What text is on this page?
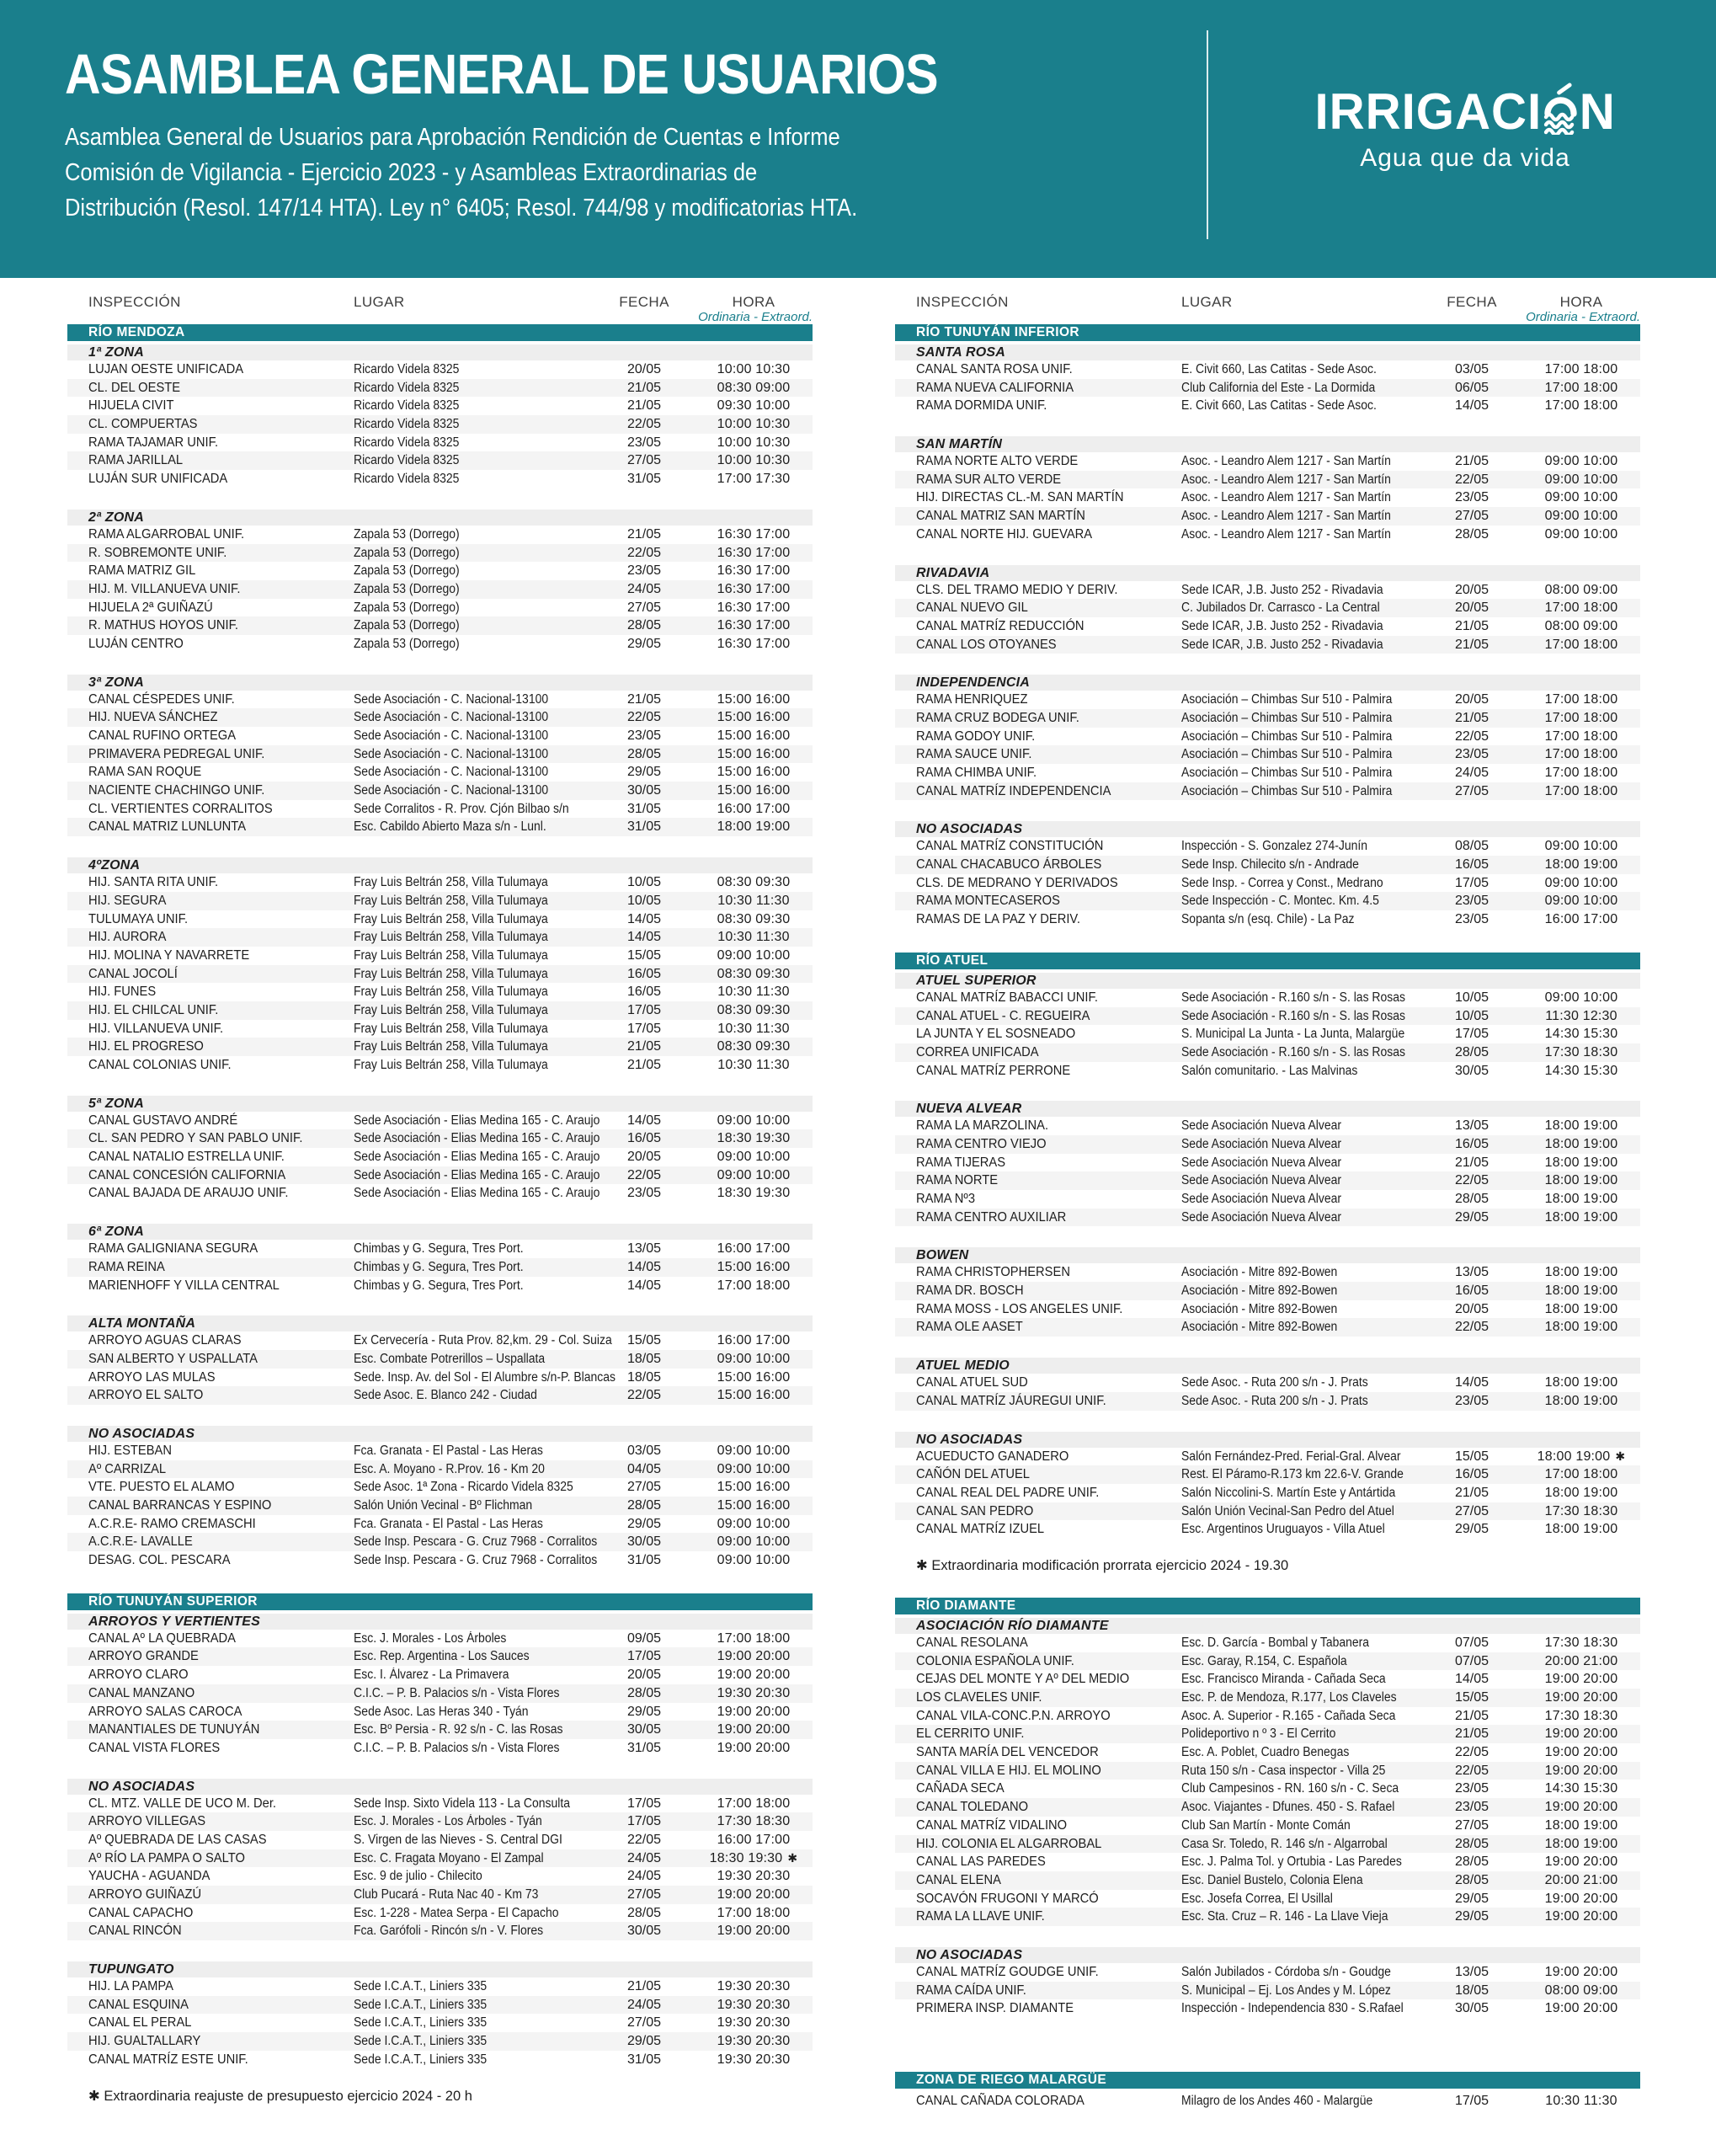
ASAMBLEA GENERAL DE USUARIOS
Asamblea General de Usuarios para Aprobación Rendición de Cuentas e Informe
Comisión de Vigilancia - Ejercicio 2023 - y Asambleas Extraordinarias de
Distribución (Resol. 147/14 HTA). Ley n° 6405; Resol. 744/98 y modificatorias HTA.
IRRIGACI N
Agua que da vida
INSPECCIÓN	LUGAR	FECHA	HORA
Ordinaria - Extraord.
RÍO MENDOZA
1ª ZONA
LUJAN OESTE UNIFICADA	Ricardo Videla 8325	20/05	10:00 10:30
CL. DEL OESTE	Ricardo Videla 8325	21/05	08:30 09:00
HIJUELA CIVIT	Ricardo Videla 8325	21/05	09:30 10:00
CL. COMPUERTAS	Ricardo Videla 8325	22/05	10:00 10:30
RAMA TAJAMAR UNIF.	Ricardo Videla 8325	23/05	10:00 10:30
RAMA JARILLAL	Ricardo Videla 8325	27/05	10:00 10:30
LUJÁN SUR UNIFICADA	Ricardo Videla 8325	31/05	17:00 17:30
2ª ZONA
RAMA ALGARROBAL UNIF.	Zapala 53 (Dorrego)	21/05	16:30 17:00
R. SOBREMONTE UNIF.	Zapala 53 (Dorrego)	22/05	16:30 17:00
RAMA MATRIZ GIL	Zapala 53 (Dorrego)	23/05	16:30 17:00
HIJ. M. VILLANUEVA UNIF.	Zapala 53 (Dorrego)	24/05	16:30 17:00
HIJUELA 2ª GUIÑAZÚ	Zapala 53 (Dorrego)	27/05	16:30 17:00
R. MATHUS HOYOS UNIF.	Zapala 53 (Dorrego)	28/05	16:30 17:00
LUJÁN CENTRO	Zapala 53 (Dorrego)	29/05	16:30 17:00
3ª ZONA
CANAL CÉSPEDES UNIF.	Sede Asociación - C. Nacional-13100	21/05	15:00 16:00
HIJ. NUEVA SÁNCHEZ	Sede Asociación - C. Nacional-13100	22/05	15:00 16:00
CANAL RUFINO ORTEGA	Sede Asociación - C. Nacional-13100	23/05	15:00 16:00
PRIMAVERA PEDREGAL UNIF.	Sede Asociación - C. Nacional-13100	28/05	15:00 16:00
RAMA SAN ROQUE	Sede Asociación - C. Nacional-13100	29/05	15:00 16:00
NACIENTE CHACHINGO UNIF.	Sede Asociación - C. Nacional-13100	30/05	15:00 16:00
CL. VERTIENTES CORRALITOS	Sede Corralitos - R. Prov. Cjón Bilbao s/n	31/05	16:00 17:00
CANAL MATRIZ LUNLUNTA	Esc. Cabildo Abierto Maza s/n - Lunl.	31/05	18:00 19:00
4ºZONA
HIJ. SANTA RITA UNIF.	Fray Luis Beltrán 258, Villa Tulumaya	10/05	08:30 09:30
HIJ. SEGURA	Fray Luis Beltrán 258, Villa Tulumaya	10/05	10:30 11:30
TULUMAYA UNIF.	Fray Luis Beltrán 258, Villa Tulumaya	14/05	08:30 09:30
HIJ. AURORA	Fray Luis Beltrán 258, Villa Tulumaya	14/05	10:30 11:30
HIJ. MOLINA Y NAVARRETE	Fray Luis Beltrán 258, Villa Tulumaya	15/05	09:00 10:00
CANAL JOCOLÍ	Fray Luis Beltrán 258, Villa Tulumaya	16/05	08:30 09:30
HIJ. FUNES	Fray Luis Beltrán 258, Villa Tulumaya	16/05	10:30 11:30
HIJ. EL CHILCAL UNIF.	Fray Luis Beltrán 258, Villa Tulumaya	17/05	08:30 09:30
HIJ. VILLANUEVA UNIF.	Fray Luis Beltrán 258, Villa Tulumaya	17/05	10:30 11:30
HIJ. EL PROGRESO	Fray Luis Beltrán 258, Villa Tulumaya	21/05	08:30 09:30
CANAL COLONIAS UNIF.	Fray Luis Beltrán 258, Villa Tulumaya	21/05	10:30 11:30
5ª ZONA
CANAL GUSTAVO ANDRÉ	Sede Asociación - Elias Medina 165 - C. Araujo	14/05	09:00 10:00
CL. SAN PEDRO Y SAN PABLO UNIF.	Sede Asociación - Elias Medina 165 - C. Araujo	16/05	18:30 19:30
CANAL NATALIO ESTRELLA UNIF.	Sede Asociación - Elias Medina 165 - C. Araujo	20/05	09:00 10:00
CANAL CONCESIÓN CALIFORNIA	Sede Asociación - Elias Medina 165 - C. Araujo	22/05	09:00 10:00
CANAL BAJADA DE ARAUJO UNIF.	Sede Asociación - Elias Medina 165 - C. Araujo	23/05	18:30 19:30
6ª ZONA
RAMA GALIGNIANA SEGURA	Chimbas y G. Segura, Tres Port.	13/05	16:00 17:00
RAMA REINA	Chimbas y G. Segura, Tres Port.	14/05	15:00 16:00
MARIENHOFF Y VILLA CENTRAL	Chimbas y G. Segura, Tres Port.	14/05	17:00 18:00
ALTA MONTAÑA
ARROYO AGUAS CLARAS	Ex Cervecería - Ruta Prov. 82,km. 29 - Col. Suiza	15/05	16:00 17:00
SAN ALBERTO Y USPALLATA	Esc. Combate Potrerillos – Uspallata	18/05	09:00 10:00
ARROYO LAS MULAS	Sede. Insp. Av. del Sol - El Alumbre s/n-P. Blancas 18/05	15:00 16:00
ARROYO EL SALTO	Sede Asoc. E. Blanco 242 - Ciudad	22/05	15:00 16:00
NO ASOCIADAS
HIJ. ESTEBAN	Fca. Granata - El Pastal - Las Heras	03/05	09:00 10:00
Aº CARRIZAL	Esc. A. Moyano - R.Prov. 16 - Km 20	04/05	09:00 10:00
VTE. PUESTO EL ALAMO	Sede Asoc. 1ª Zona - Ricardo Videla 8325	27/05	15:00 16:00
CANAL BARRANCAS Y ESPINO	Salón Unión Vecinal - Bº Flichman	28/05	15:00 16:00
A.C.R.E- RAMO CREMASCHI	Fca. Granata - El Pastal - Las Heras	29/05	09:00 10:00
A.C.R.E- LAVALLE	Sede Insp. Pescara - G. Cruz 7968 - Corralitos	30/05	09:00 10:00
DESAG. COL. PESCARA	Sede Insp. Pescara - G. Cruz 7968 - Corralitos	31/05	09:00 10:00
RÍO TUNUYÁN SUPERIOR
ARROYOS Y VERTIENTES
CANAL Aº LA QUEBRADA	Esc. J. Morales - Los Árboles	09/05	17:00 18:00
ARROYO GRANDE	Esc. Rep. Argentina - Los Sauces	17/05	19:00 20:00
ARROYO CLARO	Esc. I. Álvarez - La Primavera	20/05	19:00 20:00
CANAL MANZANO	C.I.C. – P. B. Palacios s/n - Vista Flores	28/05	19:30 20:30
ARROYO SALAS CAROCA	Sede Asoc. Las Heras 340 - Tyán	29/05	19:00 20:00
MANANTIALES DE TUNUYÁN	Esc. Bº Persia - R. 92 s/n - C. las Rosas	30/05	19:00 20:00
CANAL VISTA FLORES	C.I.C. – P. B. Palacios s/n - Vista Flores	31/05	19:00 20:00
NO ASOCIADAS
CL. MTZ. VALLE DE UCO M. Der.	Sede Insp. Sixto Videla 113 - La Consulta	17/05	17:00 18:00
ARROYO VILLEGAS	Esc. J. Morales - Los Árboles - Tyán	17/05	17:30 18:30
Aº QUEBRADA DE LAS CASAS	S. Virgen de las Nieves - S. Central DGI	22/05	16:00 17:00
Aº RÍO LA PAMPA O SALTO	Esc. C. Fragata Moyano - El Zampal	24/05	18:30 19:30 ✱
YAUCHA - AGUANDA	Esc. 9 de julio - Chilecito	24/05	19:30 20:30
ARROYO GUIÑAZÚ	Club Pucará - Ruta Nac 40 - Km 73	27/05	19:00 20:00
CANAL CAPACHO	Esc. 1-228 - Matea Serpa - El Capacho	28/05	17:00 18:00
CANAL RINCÓN	Fca. Garófoli - Rincón s/n - V. Flores	30/05	19:00 20:00
TUPUNGATO
HIJ. LA PAMPA	Sede I.C.A.T., Liniers 335	21/05	19:30 20:30
CANAL ESQUINA	Sede I.C.A.T., Liniers 335	24/05	19:30 20:30
CANAL EL PERAL	Sede I.C.A.T., Liniers 335	27/05	19:30 20:30
HIJ. GUALTALLARY	Sede I.C.A.T., Liniers 335	29/05	19:30 20:30
CANAL MATRÍZ ESTE UNIF.	Sede I.C.A.T., Liniers 335	31/05	19:30 20:30
✱ Extraordinaria reajuste de presupuesto ejercicio 2024 - 20 h
INSPECCIÓN	LUGAR	FECHA	HORA
Ordinaria - Extraord.
RÍO TUNUYÁN INFERIOR
SANTA ROSA
CANAL SANTA ROSA UNIF.	E. Civit 660, Las Catitas - Sede Asoc.	03/05	17:00 18:00
RAMA NUEVA CALIFORNIA	Club California del Este - La Dormida	06/05	17:00 18:00
RAMA DORMIDA UNIF.	E. Civit 660, Las Catitas - Sede Asoc.	14/05	17:00 18:00
SAN MARTÍN
RAMA NORTE ALTO VERDE	Asoc. - Leandro Alem 1217 - San Martín	21/05	09:00 10:00
RAMA SUR ALTO VERDE	Asoc. - Leandro Alem 1217 - San Martín	22/05	09:00 10:00
HIJ. DIRECTAS CL.-M. SAN MARTÍN	Asoc. - Leandro Alem 1217 - San Martín	23/05	09:00 10:00
CANAL MATRIZ SAN MARTÍN	Asoc. - Leandro Alem 1217 - San Martín	27/05	09:00 10:00
CANAL NORTE HIJ. GUEVARA	Asoc. - Leandro Alem 1217 - San Martín	28/05	09:00 10:00
RIVADAVIA
CLS. DEL TRAMO MEDIO Y DERIV.	Sede ICAR, J.B. Justo 252 - Rivadavia	20/05	08:00 09:00
CANAL NUEVO GIL	C. Jubilados Dr. Carrasco - La Central	20/05	17:00 18:00
CANAL MATRÍZ REDUCCIÓN	Sede ICAR, J.B. Justo 252 - Rivadavia	21/05	08:00 09:00
CANAL LOS OTOYANES	Sede ICAR, J.B. Justo 252 - Rivadavia	21/05	17:00 18:00
INDEPENDENCIA
RAMA HENRIQUEZ	Asociación – Chimbas Sur 510 - Palmira	20/05	17:00 18:00
RAMA CRUZ BODEGA UNIF.	Asociación – Chimbas Sur 510 - Palmira	21/05	17:00 18:00
RAMA GODOY UNIF.	Asociación – Chimbas Sur 510 - Palmira	22/05	17:00 18:00
RAMA SAUCE UNIF.	Asociación – Chimbas Sur 510 - Palmira	23/05	17:00 18:00
RAMA CHIMBA UNIF.	Asociación – Chimbas Sur 510 - Palmira	24/05	17:00 18:00
CANAL MATRÍZ INDEPENDENCIA	Asociación – Chimbas Sur 510 - Palmira	27/05	17:00 18:00
NO ASOCIADAS
CANAL MATRÍZ CONSTITUCIÓN	Inspección - S. Gonzalez 274-Junín	08/05	09:00 10:00
CANAL CHACABUCO ÁRBOLES	Sede Insp. Chilecito s/n - Andrade	16/05	18:00 19:00
CLS. DE MEDRANO Y DERIVADOS	Sede Insp. - Correa y Const., Medrano	17/05	09:00 10:00
RAMA MONTECASEROS	Sede Inspección - C. Montec. Km. 4.5	23/05	09:00 10:00
RAMAS DE LA PAZ Y DERIV.	Sopanta s/n (esq. Chile) - La Paz	23/05	16:00 17:00
RÍO ATUEL
ATUEL SUPERIOR
CANAL MATRÍZ BABACCI UNIF.	Sede Asociación - R.160 s/n - S. las Rosas	10/05	09:00 10:00
CANAL ATUEL - C. REGUEIRA	Sede Asociación - R.160 s/n - S. las Rosas	10/05	11:30 12:30
LA JUNTA Y EL SOSNEADO	S. Municipal La Junta - La Junta, Malargüe	17/05	14:30 15:30
CORREA UNIFICADA	Sede Asociación - R.160 s/n - S. las Rosas	28/05	17:30 18:30
CANAL MATRÍZ PERRONE	Salón comunitario. - Las Malvinas	30/05	14:30 15:30
NUEVA ALVEAR
RAMA LA MARZOLINA.	Sede Asociación Nueva Alvear	13/05	18:00 19:00
RAMA CENTRO VIEJO	Sede Asociación Nueva Alvear	16/05	18:00 19:00
RAMA TIJERAS	Sede Asociación Nueva Alvear	21/05	18:00 19:00
RAMA NORTE	Sede Asociación Nueva Alvear	22/05	18:00 19:00
RAMA Nº3	Sede Asociación Nueva Alvear	28/05	18:00 19:00
RAMA CENTRO AUXILIAR	Sede Asociación Nueva Alvear	29/05	18:00 19:00
BOWEN
RAMA CHRISTOPHERSEN	Asociación - Mitre 892-Bowen	13/05	18:00 19:00
RAMA DR. BOSCH	Asociación - Mitre 892-Bowen	16/05	18:00 19:00
RAMA MOSS - LOS ANGELES UNIF.	Asociación - Mitre 892-Bowen	20/05	18:00 19:00
RAMA OLE AASET	Asociación - Mitre 892-Bowen	22/05	18:00 19:00
ATUEL MEDIO
CANAL ATUEL SUD	Sede Asoc. - Ruta 200 s/n - J. Prats	14/05	18:00 19:00
CANAL MATRÍZ JÁUREGUI UNIF.	Sede Asoc. - Ruta 200 s/n - J. Prats	23/05	18:00 19:00
NO ASOCIADAS
ACUEDUCTO GANADERO	Salón Fernández-Pred. Ferial-Gral. Alvear	15/05	18:00 19:00 ✱
CAÑÓN DEL ATUEL	Rest. El Páramo-R.173 km 22.6-V. Grande	16/05	17:00 18:00
CANAL REAL DEL PADRE UNIF.	Salón Niccolini-S. Martín Este y Antártida	21/05	18:00 19:00
CANAL SAN PEDRO	Salón Unión Vecinal-San Pedro del Atuel	27/05	17:30 18:30
CANAL MATRÍZ IZUEL	Esc. Argentinos Uruguayos - Villa Atuel	29/05	18:00 19:00
✱ Extraordinaria modificación prorrata ejercicio 2024 - 19.30
RÍO DIAMANTE
ASOCIACIÓN RÍO DIAMANTE
CANAL RESOLANA	Esc. D. García - Bombal y Tabanera	07/05	17:30 18:30
COLONIA ESPAÑOLA UNIF.	Esc. Garay, R.154, C. Española	07/05	20:00 21:00
CEJAS DEL MONTE Y Aº DEL MEDIO	Esc. Francisco Miranda - Cañada Seca	14/05	19:00 20:00
LOS CLAVELES UNIF.	Esc. P. de Mendoza, R.177, Los Claveles	15/05	19:00 20:00
CANAL VILA-CONC.P.N. ARROYO	Asoc. A. Superior - R.165 - Cañada Seca	21/05	17:30 18:30
EL CERRITO UNIF.	Polideportivo n º 3 - El Cerrito	21/05	19:00 20:00
SANTA MARÍA DEL VENCEDOR	Esc. A. Poblet, Cuadro Benegas	22/05	19:00 20:00
CANAL VILLA E HIJ. EL MOLINO	Ruta 150 s/n - Casa inspector - Villa 25	22/05	19:00 20:00
CAÑADA SECA	Club Campesinos - RN. 160 s/n - C. Seca	23/05	14:30 15:30
CANAL TOLEDANO	Asoc. Viajantes - Dfunes. 450 - S. Rafael	23/05	19:00 20:00
CANAL MATRÍZ VIDALINO	Club San Martín - Monte Comán	27/05	18:00 19:00
HIJ. COLONIA EL ALGARROBAL	Casa Sr. Toledo, R. 146 s/n - Algarrobal	28/05	18:00 19:00
CANAL LAS PAREDES	Esc. J. Palma Tol. y Ortubia - Las Paredes	28/05	19:00 20:00
CANAL ELENA	Esc. Daniel Bustelo, Colonia Elena	28/05	20:00 21:00
SOCAVÓN FRUGONI Y MARCÓ	Esc. Josefa Correa, El Usillal	29/05	19:00 20:00
RAMA LA LLAVE UNIF.	Esc. Sta. Cruz – R. 146 - La Llave Vieja	29/05	19:00 20:00
NO ASOCIADAS
CANAL MATRÍZ GOUDGE UNIF.	Salón Jubilados - Córdoba s/n - Goudge	13/05	19:00 20:00
RAMA CAÍDA UNIF.	S. Municipal – Ej. Los Andes y M. López	18/05	08:00 09:00
PRIMERA INSP. DIAMANTE	Inspección - Independencia 830 - S.Rafael	30/05	19:00 20:00
ZONA DE RIEGO MALARGÜE
CANAL CAÑADA COLORADA	Milagro de los Andes 460 - Malargüe	17/05	10:30 11:30
